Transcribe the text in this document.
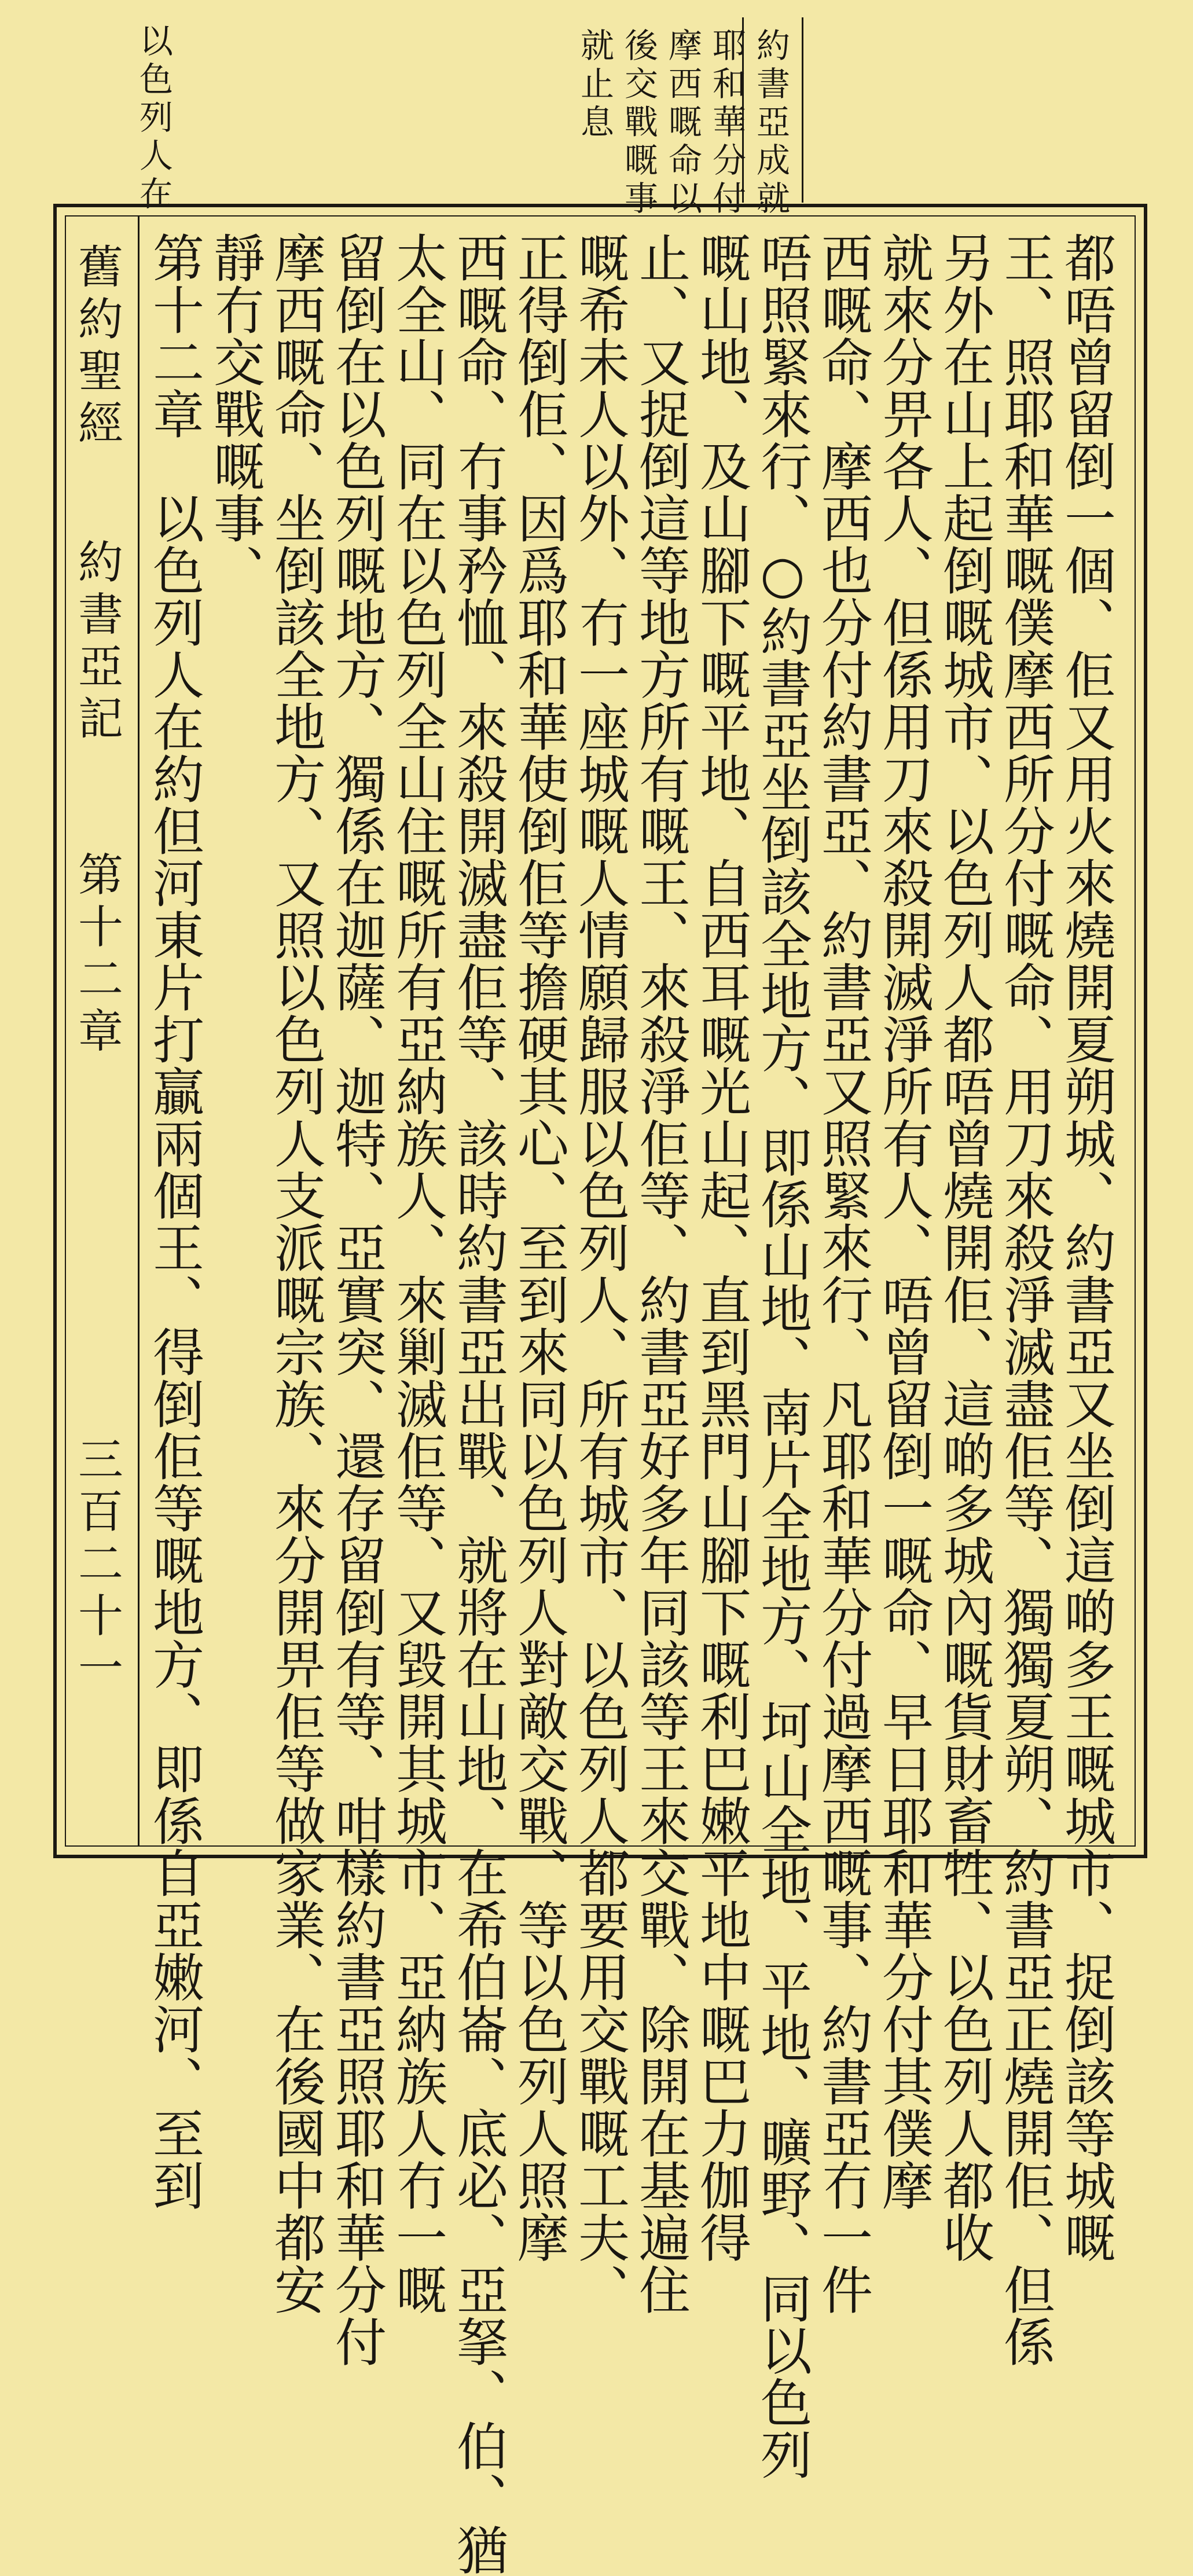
約書亞成就
耶和華分付
摩西嘅命以
後交戰嘅事
就止息
以色列人在
舊約聖經
約書亞記
第十二章
三百二十一	都唔曾留倒一個、佢又用火來燒開夏朔城、約書亞又坐倒這啲多王嘅城市、捉倒該等城嘅
王、照耶和華嘅僕摩西所分付嘅命、用刀來殺淨滅盡佢等、獨獨夏朔、約書亞正燒開佢、但係
另外在山上起倒嘅城市、以色列人都唔曾燒開佢、這啲多城內嘅貨財畜牲、以色列人都收
就來分畀各人、但係用刀來殺開滅淨所有人、唔曾留倒一嘅命、早日耶和華分付其僕摩
西嘅命、摩西也分付約書亞、約書亞又照緊來行、凡耶和華分付過摩西嘅事、約書亞冇一件
唔照緊來行、○約書亞坐倒該全地方、即係山地、南片全地方、坷山全地、平地、曠野、同以色列
嘅山地、及山腳下嘅平地、自西耳嘅光山起、直到黑門山腳下嘅利巴嫩平地中嘅巴力伽得
止、又捉倒這等地方所有嘅王、來殺淨佢等、約書亞好多年同該等王來交戰、除開在基遍住
嘅希未人以外、冇一座城嘅人情願歸服以色列人、所有城市、以色列人都要用交戰嘅工夫、
正得倒佢、因爲耶和華使倒佢等擔硬其心、至到來同以色列人對敵交戰、等以色列人照摩
西嘅命、冇事矜恤、來殺開滅盡佢等、該時約書亞出戰、就將在山地、在希伯崙、底必、亞拏、伯、猶
太全山、同在以色列全山住嘅所有亞納族人、來剿滅佢等、又毀開其城市、亞納族人冇一嘅
留倒在以色列嘅地方、獨係在迦薩、迦特、亞實突、還存留倒有等、咁樣約書亞照耶和華分付
摩西嘅命、坐倒該全地方、又照以色列人支派嘅宗族、來分開畀佢等做家業、在後國中都安
靜冇交戰嘅事、
第十二章　以色列人在約但河東片打贏兩個王、得倒佢等嘅地方、即係自亞嫩河、至到
